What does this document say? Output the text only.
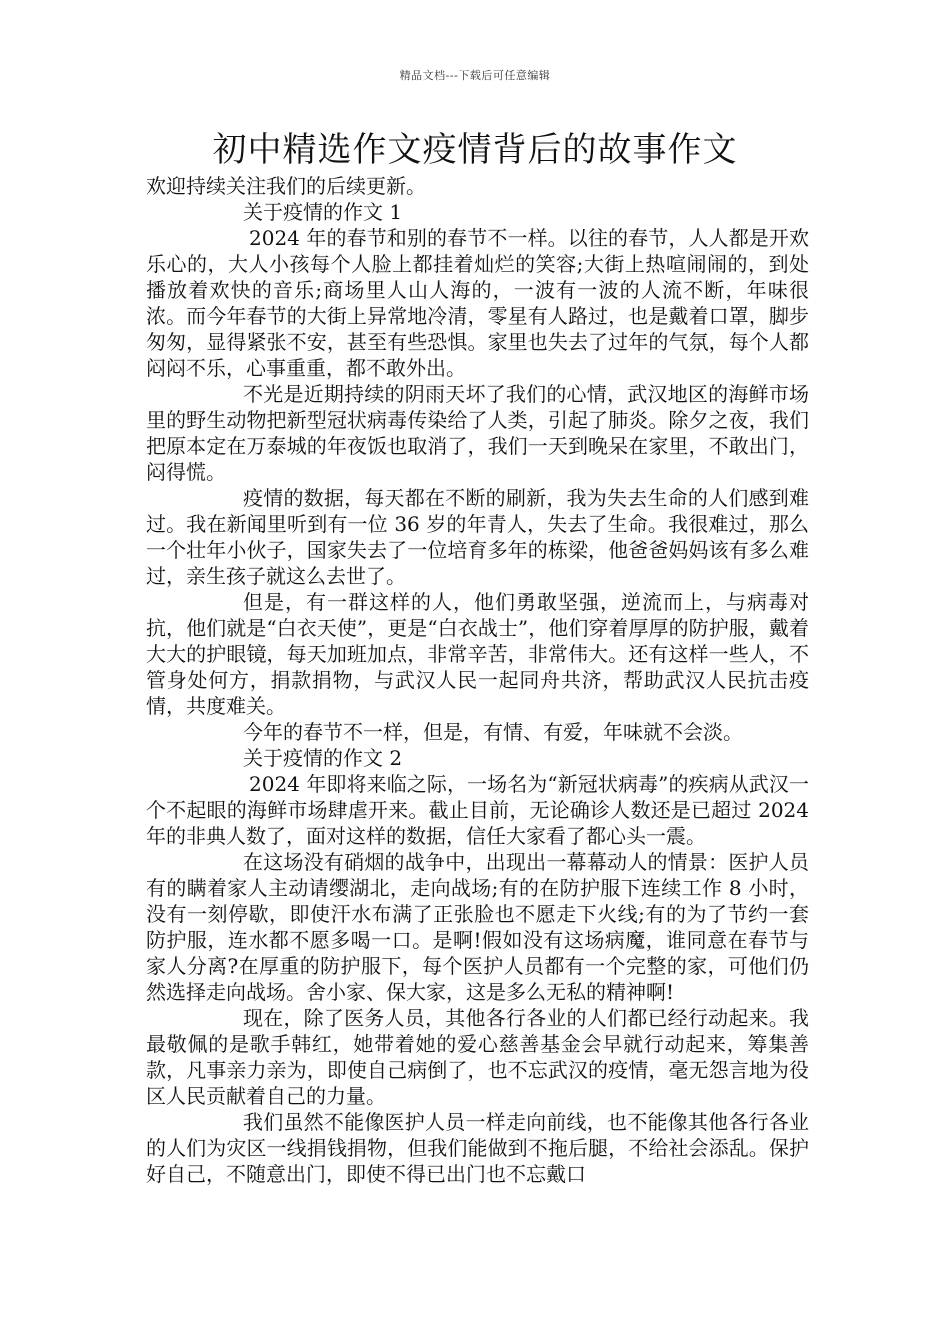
精品文档---下载后可任意编辑
初中精选作文疫情背后的故事作文

欢迎持续关注我们的后续更新。

关于疫情的作文 1

2024 年的春节和别的春节不一样。以往的春节，人人都是开欢乐心的，大人小孩每个人脸上都挂着灿烂的笑容;大街上热喧闹闹的，到处播放着欢快的音乐;商场里人山人海的，一波有一波的人流不断，年味很浓。而今年春节的大街上异常地冷清，零星有人路过，也是戴着口罩，脚步匆匆，显得紧张不安，甚至有些恐惧。家里也失去了过年的气氛，每个人都闷闷不乐，心事重重，都不敢外出。

不光是近期持续的阴雨天坏了我们的心情，武汉地区的海鲜市场里的野生动物把新型冠状病毒传染给了人类，引起了肺炎。除夕之夜，我们把原本定在万泰城的年夜饭也取消了，我们一天到晚呆在家里，不敢出门，闷得慌。

疫情的数据，每天都在不断的刷新，我为失去生命的人们感到难过。我在新闻里听到有一位 36 岁的年青人，失去了生命。我很难过，那么一个壮年小伙子，国家失去了一位培育多年的栋梁，他爸爸妈妈该有多么难过，亲生孩子就这么去世了。

但是，有一群这样的人，他们勇敢坚强，逆流而上，与病毒对抗，他们就是“白衣天使”，更是“白衣战士”，他们穿着厚厚的防护服，戴着大大的护眼镜，每天加班加点，非常辛苦，非常伟大。还有这样一些人，不管身处何方，捐款捐物，与武汉人民一起同舟共济，帮助武汉人民抗击疫情，共度难关。

今年的春节不一样，但是，有情、有爱，年味就不会淡。

关于疫情的作文 2

2024 年即将来临之际，一场名为“新冠状病毒”的疾病从武汉一个不起眼的海鲜市场肆虐开来。截止目前，无论确诊人数还是已超过 2024 年的非典人数了，面对这样的数据，信任大家看了都心头一震。

在这场没有硝烟的战争中，出现出一幕幕动人的情景：医护人员有的瞒着家人主动请缨湖北，走向战场;有的在防护服下连续工作 8 小时，没有一刻停歇，即使汗水布满了正张脸也不愿走下火线;有的为了节约一套防护服，连水都不愿多喝一口。是啊!假如没有这场病魔，谁同意在春节与家人分离?在厚重的防护服下，每个医护人员都有一个完整的家，可他们仍然选择走向战场。舍小家、保大家，这是多么无私的精神啊!

现在，除了医务人员，其他各行各业的人们都已经行动起来。我最敬佩的是歌手韩红，她带着她的爱心慈善基金会早就行动起来，筹集善款，凡事亲力亲为，即使自己病倒了，也不忘武汉的疫情，毫无怨言地为役区人民贡献着自己的力量。

我们虽然不能像医护人员一样走向前线，也不能像其他各行各业的人们为灾区一线捐钱捐物，但我们能做到不拖后腿，不给社会添乱。保护好自己，不随意出门，即使不得已出门也不忘戴口
